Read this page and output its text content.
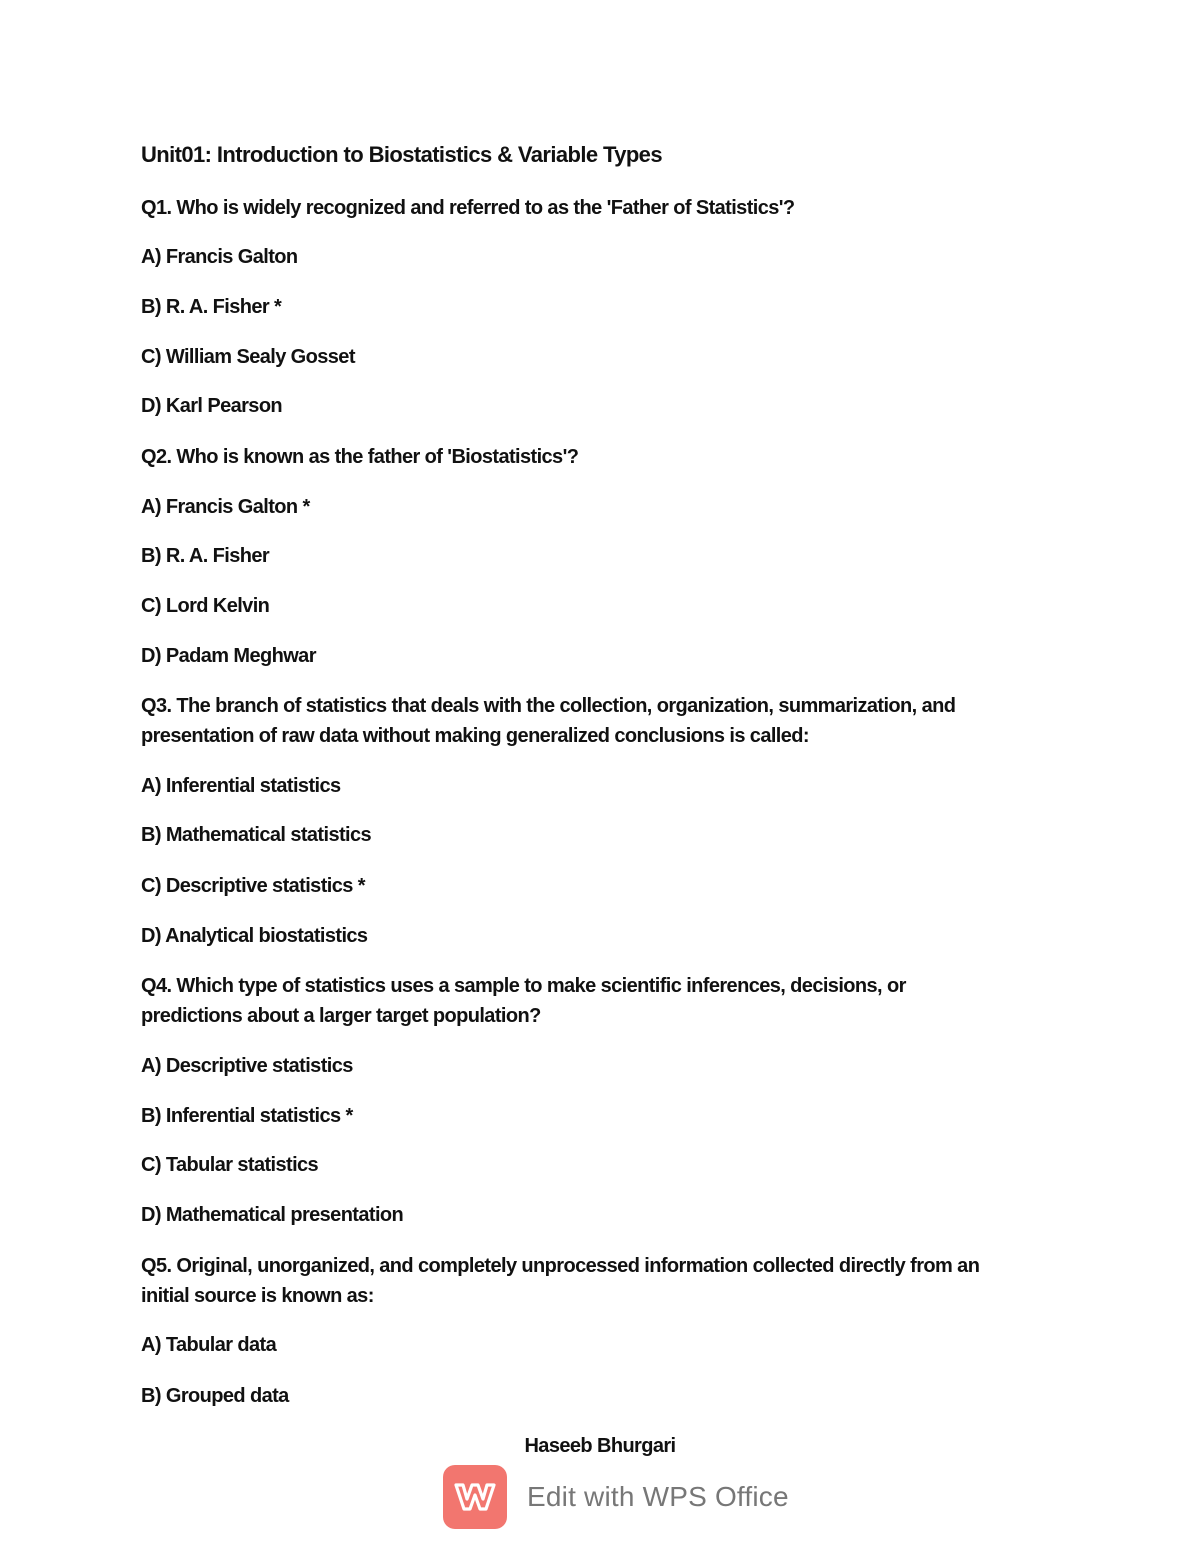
Unit01: Introduction to Biostatistics & Variable Types
Q1. Who is widely recognized and referred to as the 'Father of Statistics'?
A) Francis Galton
B) R. A. Fisher *
C) William Sealy Gosset
D) Karl Pearson
Q2. Who is known as the father of 'Biostatistics'?
A) Francis Galton *
B) R. A. Fisher
C) Lord Kelvin
D) Padam Meghwar
Q3. The branch of statistics that deals with the collection, organization, summarization, and
presentation of raw data without making generalized conclusions is called:
A) Inferential statistics
B) Mathematical statistics
C) Descriptive statistics *
D) Analytical biostatistics
Q4. Which type of statistics uses a sample to make scientific inferences, decisions, or
predictions about a larger target population?
A) Descriptive statistics
B) Inferential statistics *
C) Tabular statistics
D) Mathematical presentation
Q5. Original, unorganized, and completely unprocessed information collected directly from an
initial source is known as:
A) Tabular data
B) Grouped data
Haseeb Bhurgari
Edit with WPS Office
